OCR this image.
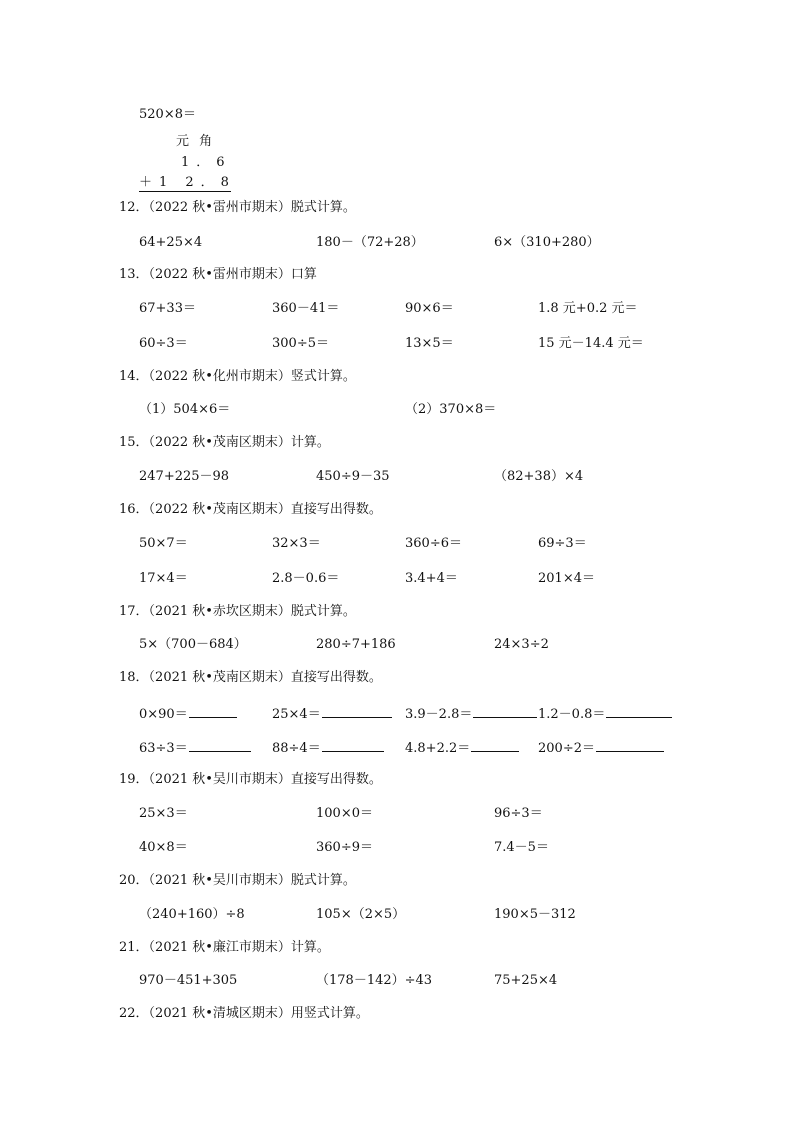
520×8＝
元 角
1．6
＋1 2．8
12．（2022 秋•雷州市期末）脱式计算。
64+25×4	180－（72+28）	6×（310+280）
13．（2022 秋•雷州市期末）口算
67+33＝	360－41＝	90×6＝	1.8 元+0.2 元＝
60÷3＝	300÷5＝	13×5＝	15 元－14.4 元＝
14．（2022 秋•化州市期末）竖式计算。
（1）504×6＝	（2）370×8＝
15．（2022 秋•茂南区期末）计算。
247+225－98	450÷9－35	（82+38）×4
16．（2022 秋•茂南区期末）直接写出得数。
50×7＝	32×3＝	360÷6＝	69÷3＝
17×4＝	2.8－0.6＝	3.4+4＝	201×4＝
17．（2021 秋•赤坎区期末）脱式计算。
5×（700－684）	280÷7+186	24×3÷2
18．（2021 秋•茂南区期末）直接写出得数。
0×90＝	25×4＝	3.9－2.8＝	1.2－0.8＝
63÷3＝	88÷4＝	4.8+2.2＝	200÷2＝
19．（2021 秋•吴川市期末）直接写出得数。
25×3＝	100×0＝	96÷3＝
40×8＝	360÷9＝	7.4－5＝
20．（2021 秋•吴川市期末）脱式计算。
（240+160）÷8	105×（2×5）	190×5－312
21．（2021 秋•廉江市期末）计算。
970－451+305	（178－142）÷43	75+25×4
22．（2021 秋•清城区期末）用竖式计算。
